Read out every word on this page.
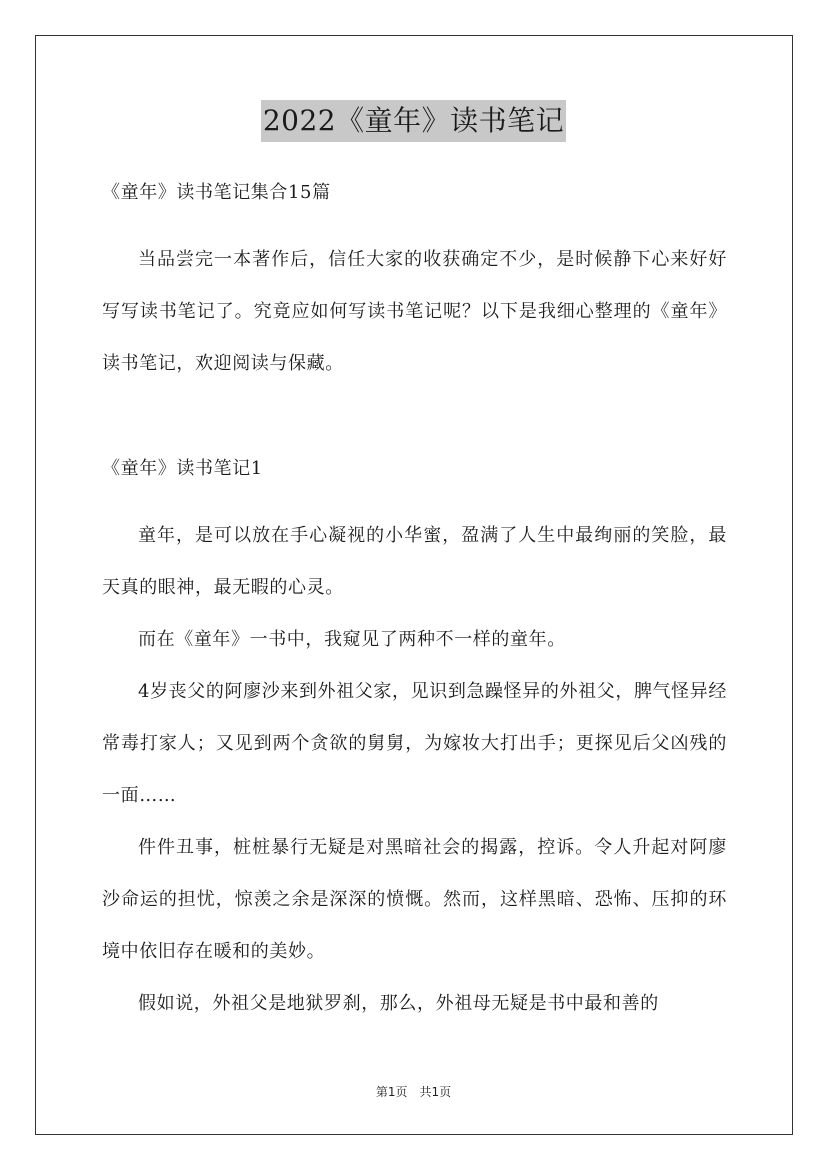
2022《童年》读书笔记

《童年》读书笔记集合15篇

当品尝完一本著作后，信任大家的收获确定不少，是时候静下心来好好写写读书笔记了。究竟应如何写读书笔记呢？以下是我细心整理的《童年》读书笔记，欢迎阅读与保藏。

《童年》读书笔记1

童年，是可以放在手心凝视的小华蜜，盈满了人生中最绚丽的笑脸，最天真的眼神，最无暇的心灵。

而在《童年》一书中，我窥见了两种不一样的童年。

4岁丧父的阿廖沙来到外祖父家，见识到急躁怪异的外祖父，脾气怪异经常毒打家人；又见到两个贪欲的舅舅，为嫁妆大打出手；更探见后父凶残的一面……

件件丑事，桩桩暴行无疑是对黑暗社会的揭露，控诉。令人升起对阿廖沙命运的担忧，惊羡之余是深深的愤慨。然而，这样黑暗、恐怖、压抑的环境中依旧存在暖和的美妙。

假如说，外祖父是地狱罗刹，那么，外祖母无疑是书中最和善的

第1页　共1页
